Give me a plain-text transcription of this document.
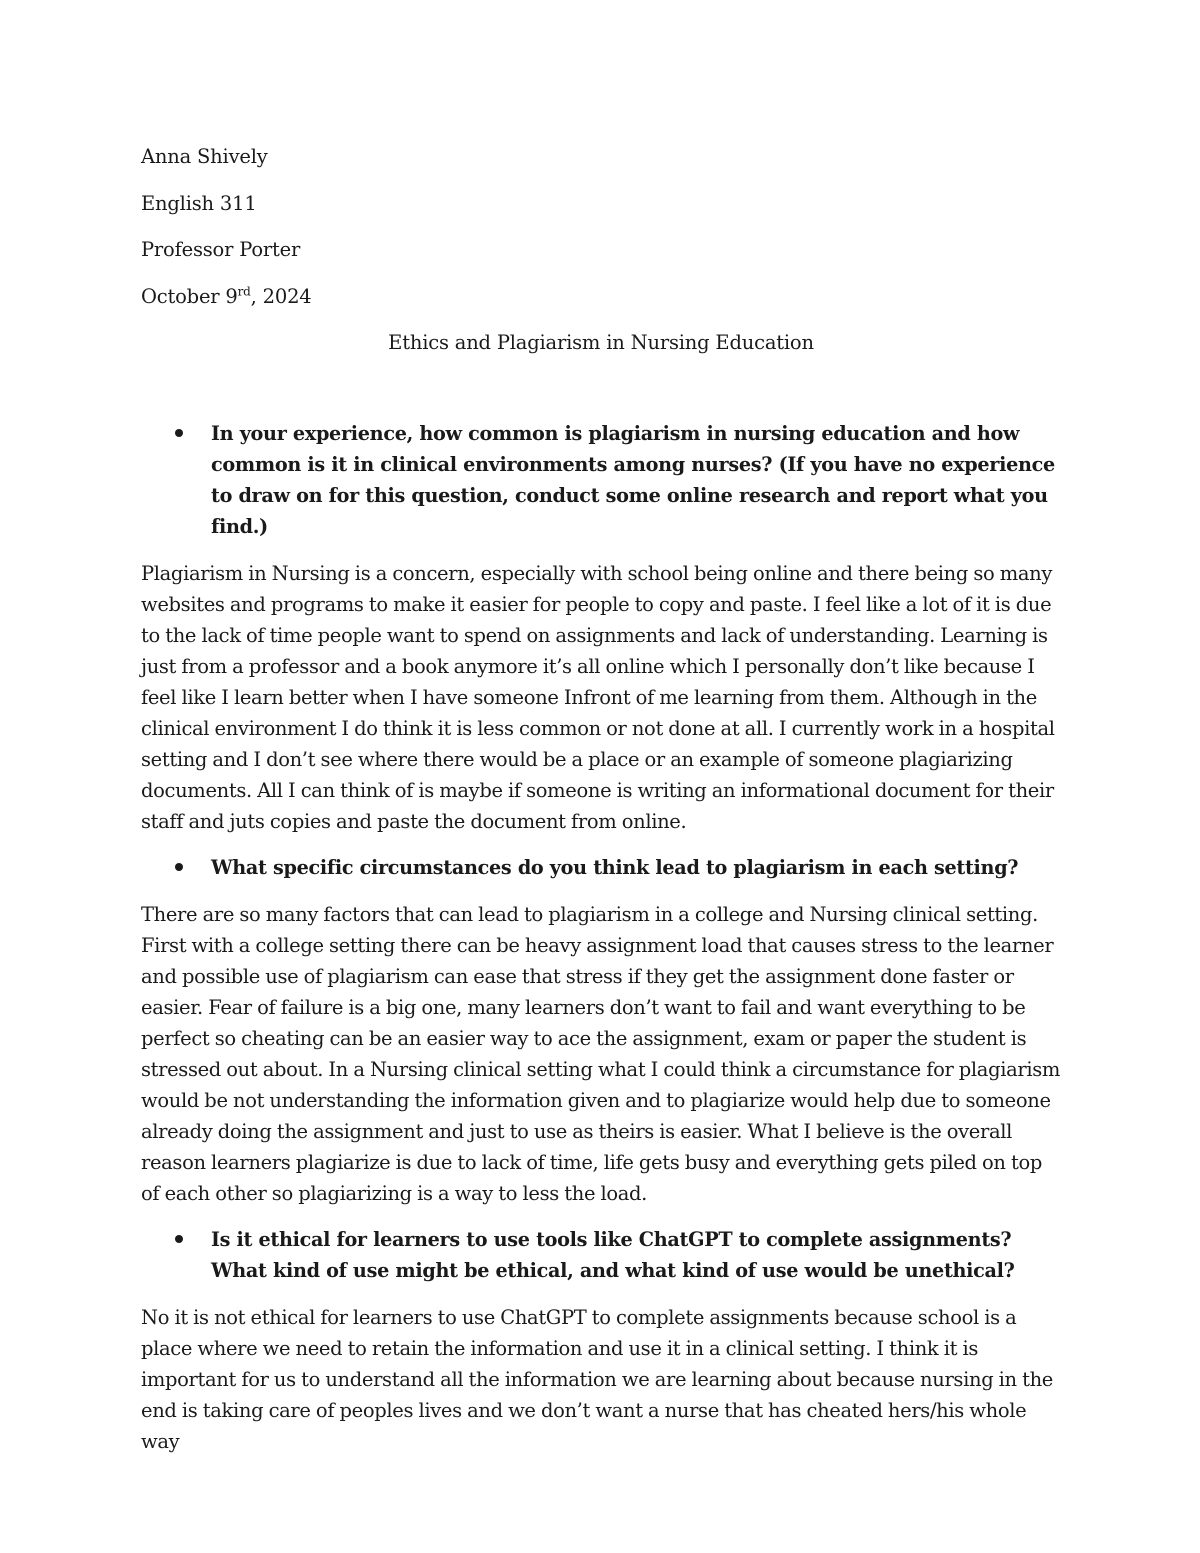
Anna Shively

English 311

Professor Porter

October 9rd, 2024

Ethics and Plagiarism in Nursing Education

In your experience, how common is plagiarism in nursing education and how common is it in clinical environments among nurses? (If you have no experience to draw on for this question, conduct some online research and report what you find.)

Plagiarism in Nursing is a concern, especially with school being online and there being so many websites and programs to make it easier for people to copy and paste. I feel like a lot of it is due to the lack of time people want to spend on assignments and lack of understanding. Learning is just from a professor and a book anymore it’s all online which I personally don’t like because I feel like I learn better when I have someone Infront of me learning from them. Although in the clinical environment I do think it is less common or not done at all. I currently work in a hospital setting and I don’t see where there would be a place or an example of someone plagiarizing documents. All I can think of is maybe if someone is writing an informational document for their staff and juts copies and paste the document from online.

What specific circumstances do you think lead to plagiarism in each setting?

There are so many factors that can lead to plagiarism in a college and Nursing clinical setting. First with a college setting there can be heavy assignment load that causes stress to the learner and possible use of plagiarism can ease that stress if they get the assignment done faster or easier. Fear of failure is a big one, many learners don’t want to fail and want everything to be perfect so cheating can be an easier way to ace the assignment, exam or paper the student is stressed out about. In a Nursing clinical setting what I could think a circumstance for plagiarism would be not understanding the information given and to plagiarize would help due to someone already doing the assignment and just to use as theirs is easier. What I believe is the overall reason learners plagiarize is due to lack of time, life gets busy and everything gets piled on top of each other so plagiarizing is a way to less the load.

Is it ethical for learners to use tools like ChatGPT to complete assignments? What kind of use might be ethical, and what kind of use would be unethical?

No it is not ethical for learners to use ChatGPT to complete assignments because school is a place where we need to retain the information and use it in a clinical setting. I think it is important for us to understand all the information we are learning about because nursing in the end is taking care of peoples lives and we don’t want a nurse that has cheated hers/his whole way
